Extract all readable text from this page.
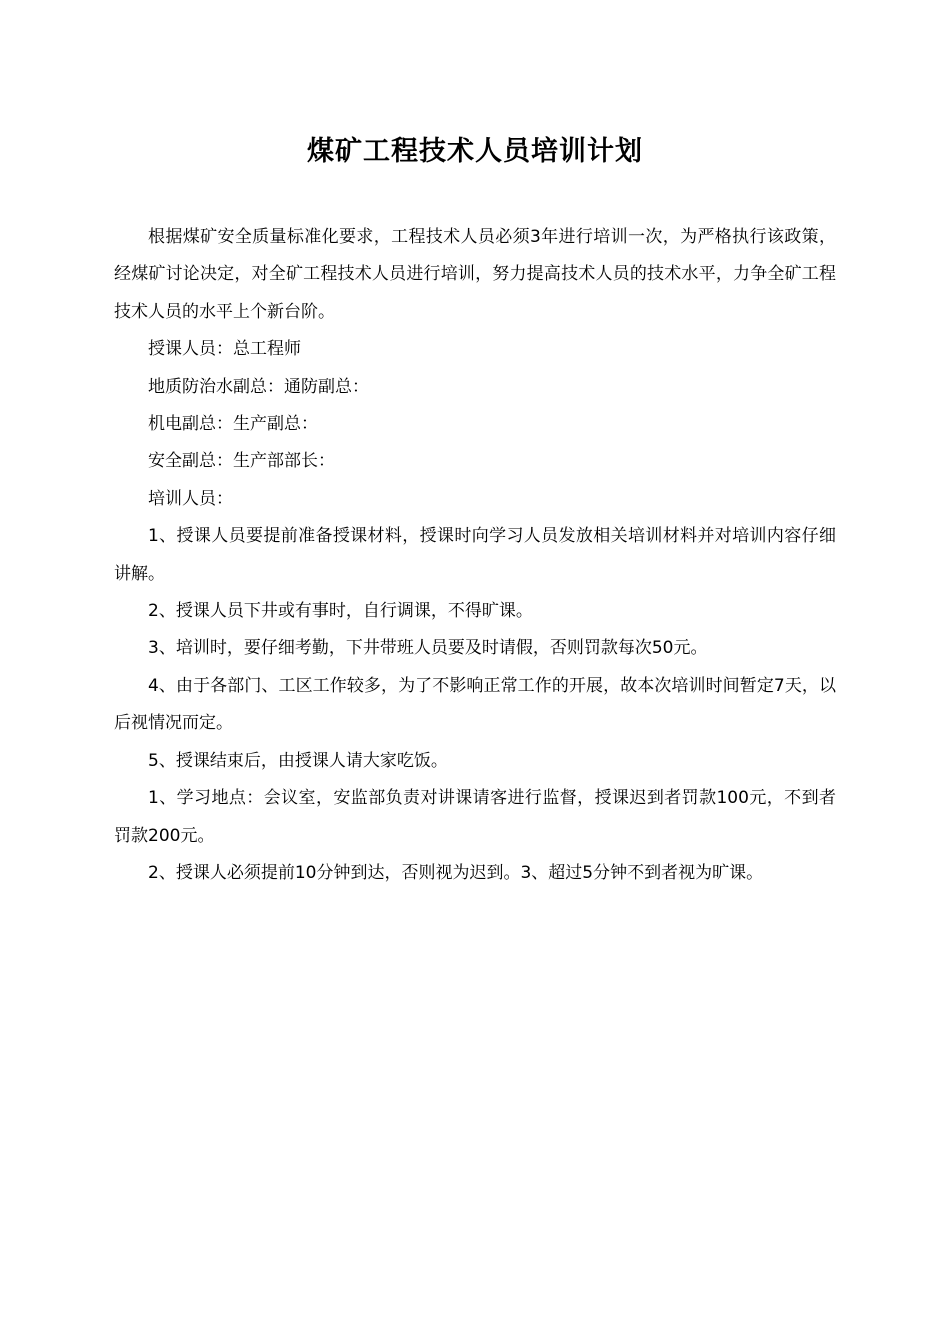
煤矿工程技术人员培训计划

根据煤矿安全质量标准化要求，工程技术人员必须3年进行培训一次，为严格执行该政策，经煤矿讨论决定，对全矿工程技术人员进行培训，努力提高技术人员的技术水平，力争全矿工程技术人员的水平上个新台阶。

授课人员：总工程师

地质防治水副总：通防副总：

机电副总：生产副总：

安全副总：生产部部长：

培训人员：

1、授课人员要提前准备授课材料，授课时向学习人员发放相关培训材料并对培训内容仔细讲解。

2、授课人员下井或有事时，自行调课，不得旷课。

3、培训时，要仔细考勤，下井带班人员要及时请假，否则罚款每次50元。

4、由于各部门、工区工作较多，为了不影响正常工作的开展，故本次培训时间暂定7天，以后视情况而定。

5、授课结束后，由授课人请大家吃饭。

1、学习地点：会议室，安监部负责对讲课请客进行监督，授课迟到者罚款100元，不到者罚款200元。

2、授课人必须提前10分钟到达，否则视为迟到。3、超过5分钟不到者视为旷课。
